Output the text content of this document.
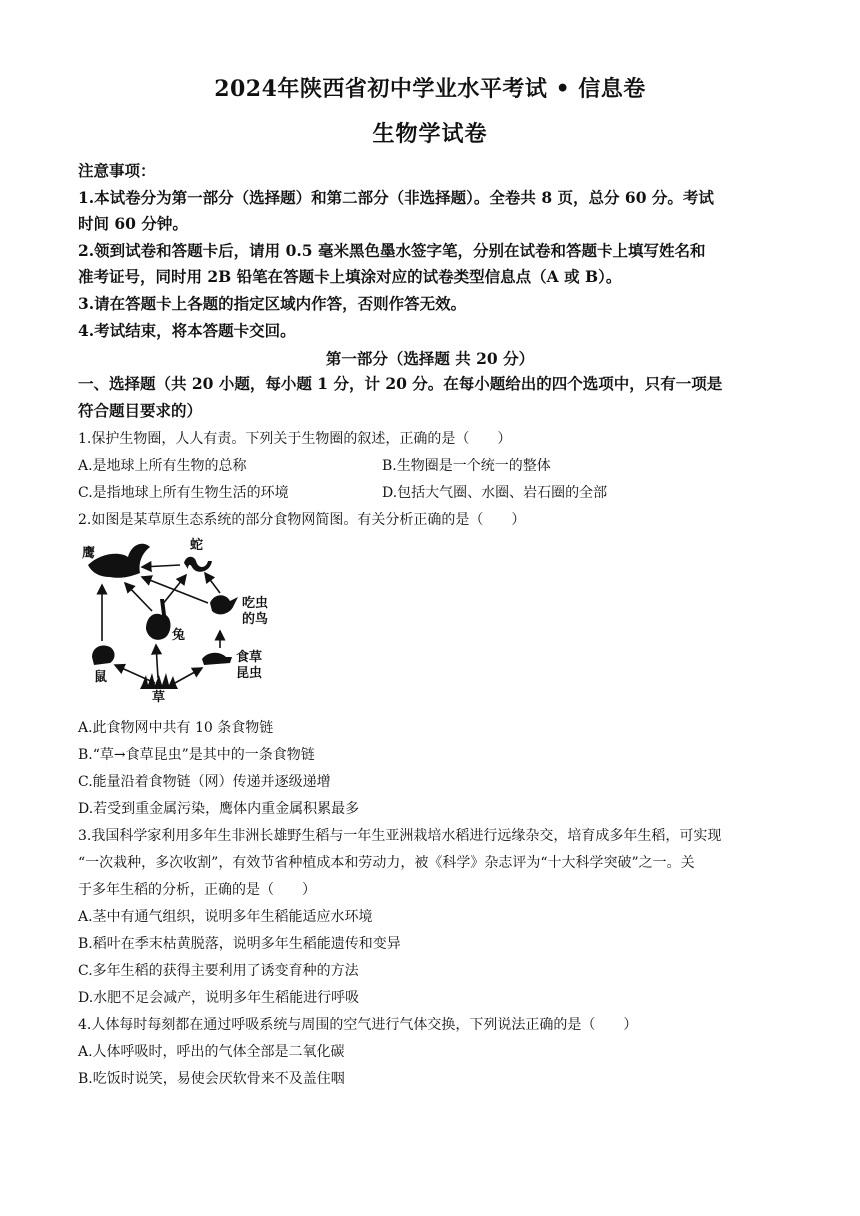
2024年陕西省初中学业水平考试 • 信息卷
生物学试卷
注意事项：
1.本试卷分为第一部分（选择题）和第二部分（非选择题）。全卷共 8 页，总分 60 分。考试
时间 60 分钟。
2.领到试卷和答题卡后，请用 0.5 毫米黑色墨水签字笔，分别在试卷和答题卡上填写姓名和
准考证号，同时用 2B 铅笔在答题卡上填涂对应的试卷类型信息点（A 或 B）。
3.请在答题卡上各题的指定区域内作答，否则作答无效。
4.考试结束，将本答题卡交回。
第一部分（选择题 共 20 分）
一、选择题（共 20 小题，每小题 1 分，计 20 分。在每小题给出的四个选项中，只有一项是
符合题目要求的）
1.保护生物圈，人人有责。下列关于生物圈的叙述，正确的是（　　）
A.是地球上所有生物的总称	B.生物圈是一个统一的整体
C.是指地球上所有生物生活的环境	D.包括大气圈、水圈、岩石圈的全部
2.如图是某草原生态系统的部分食物网简图。有关分析正确的是（　　）
鹰
蛇
吃虫
的鸟
兔
鼠
食草
昆虫
草
A.此食物网中共有 10 条食物链
B.“草→食草昆虫”是其中的一条食物链
C.能量沿着食物链（网）传递并逐级递增
D.若受到重金属污染，鹰体内重金属积累最多
3.我国科学家利用多年生非洲长雄野生稻与一年生亚洲栽培水稻进行远缘杂交，培育成多年生稻，可实现
“一次栽种，多次收割”，有效节省种植成本和劳动力，被《科学》杂志评为“十大科学突破”之一。关
于多年生稻的分析，正确的是（　　）
A.茎中有通气组织，说明多年生稻能适应水环境
B.稻叶在季末枯黄脱落，说明多年生稻能遗传和变异
C.多年生稻的获得主要利用了诱变育种的方法
D.水肥不足会减产，说明多年生稻能进行呼吸
4.人体每时每刻都在通过呼吸系统与周围的空气进行气体交换，下列说法正确的是（　　）
A.人体呼吸时，呼出的气体全部是二氧化碳
B.吃饭时说笑，易使会厌软骨来不及盖住咽
